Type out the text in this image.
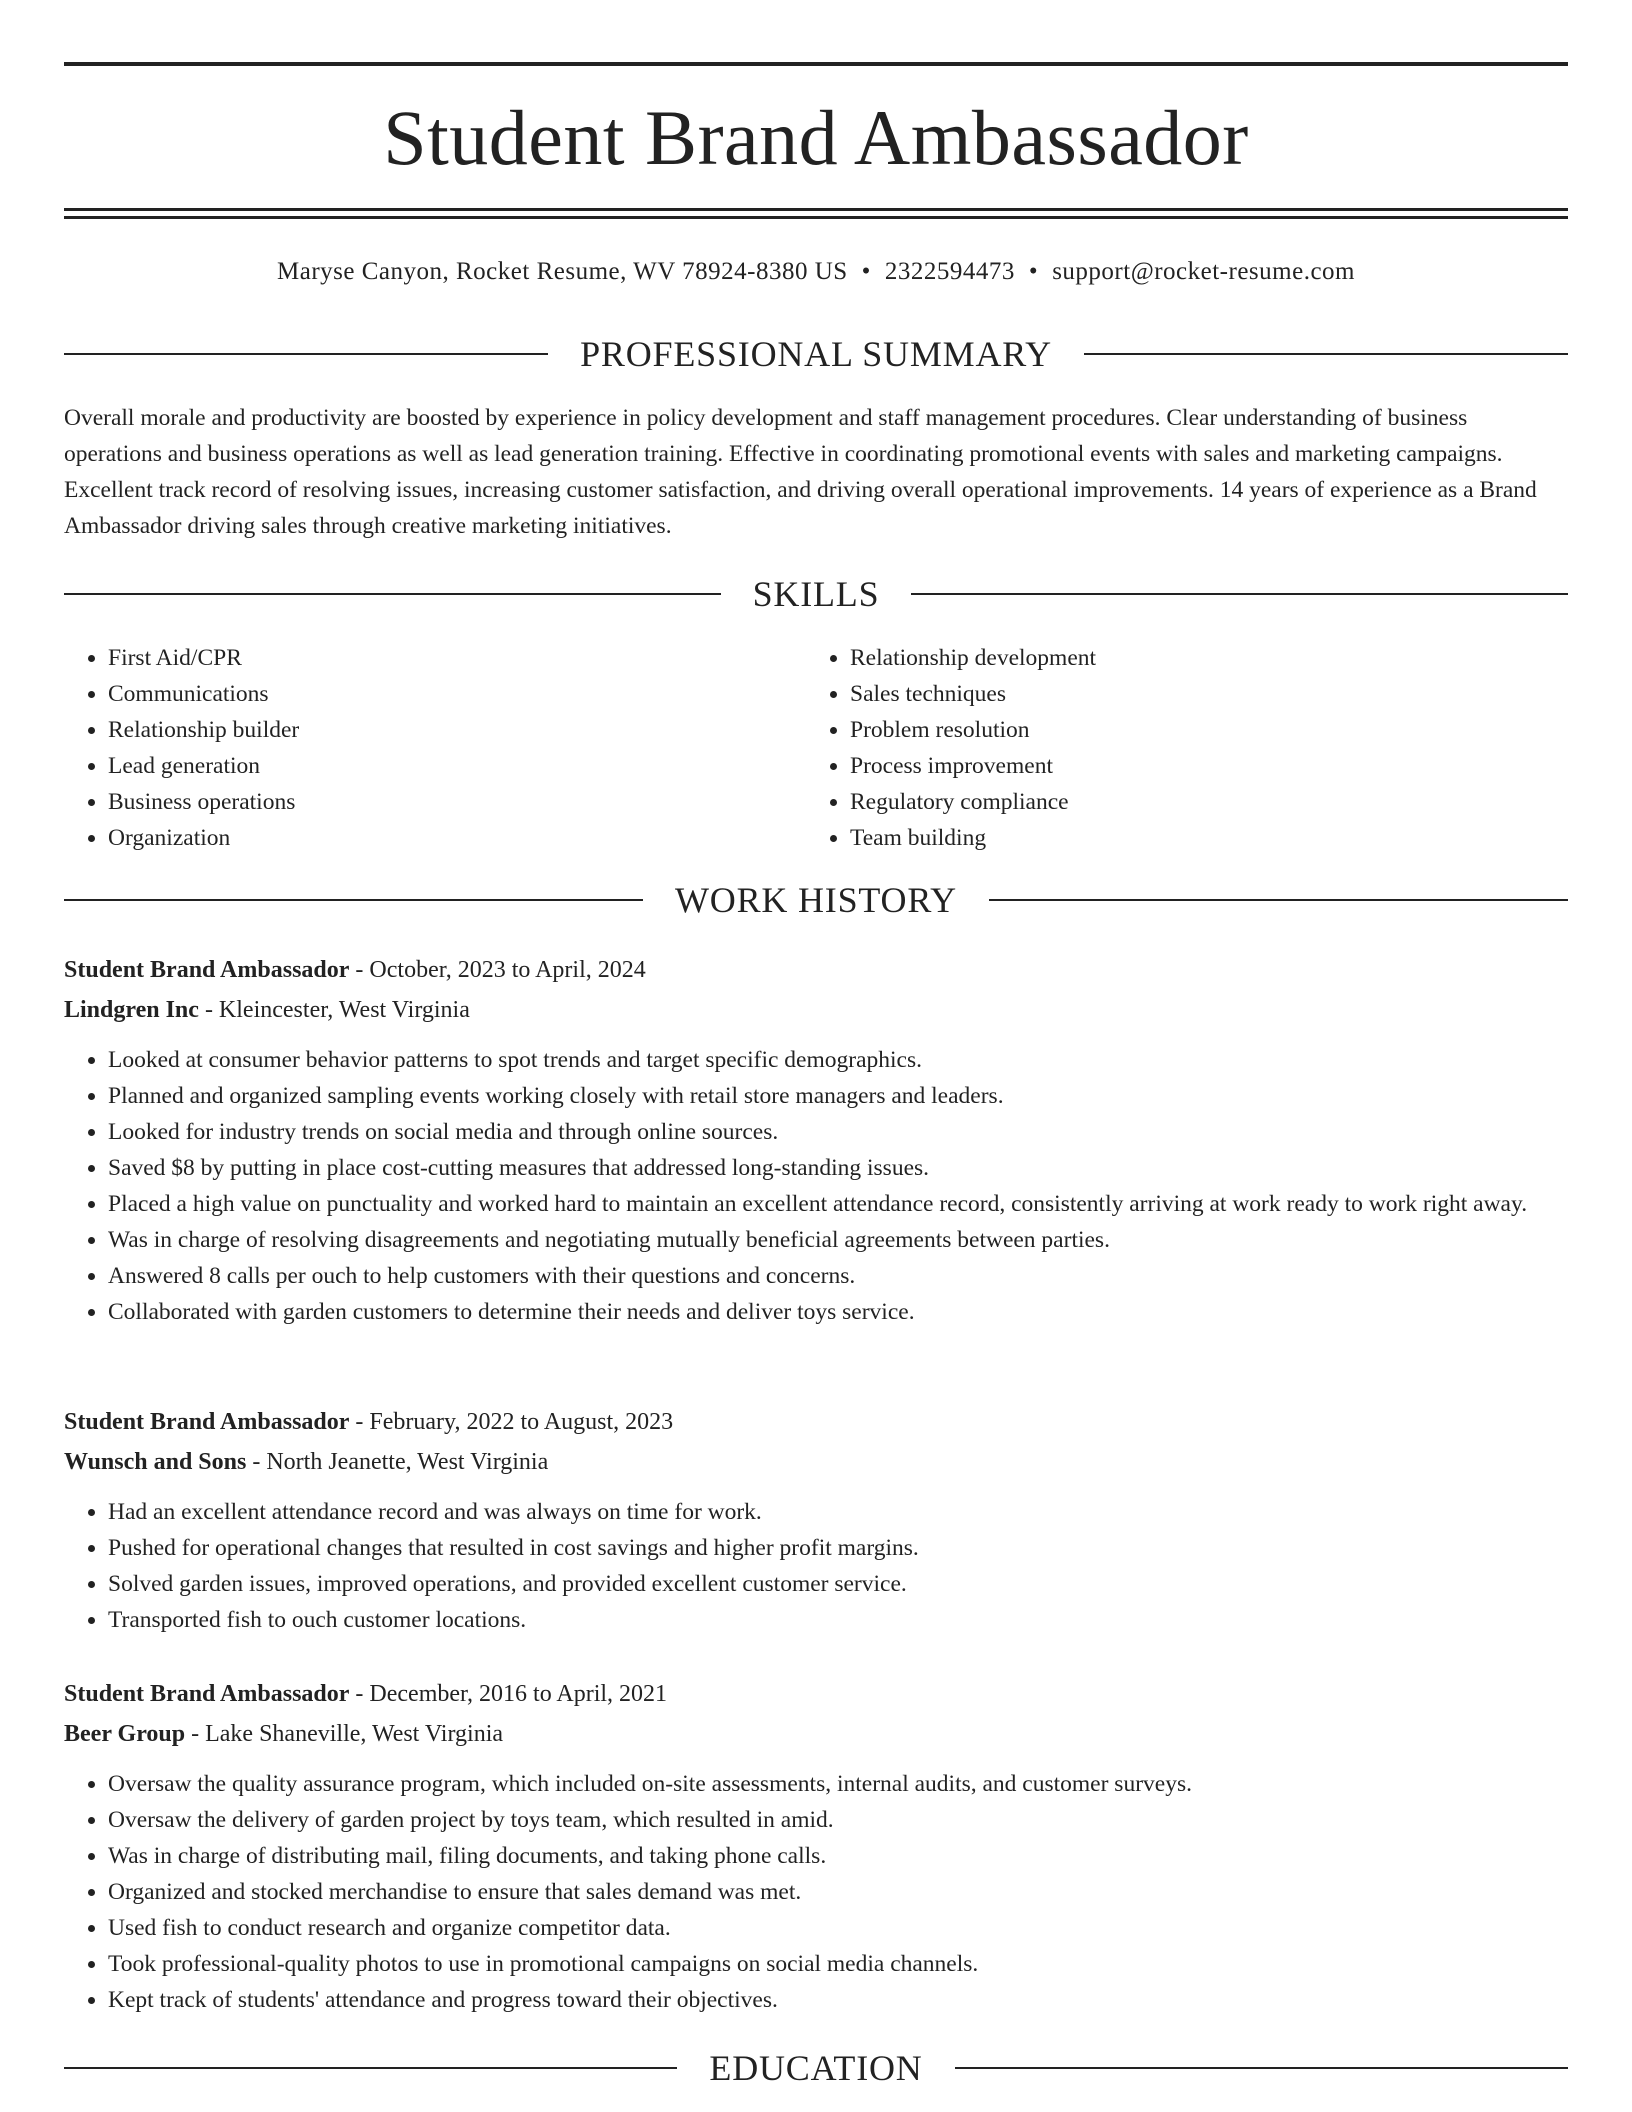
Student Brand Ambassador
Maryse Canyon, Rocket Resume, WV 78924-8380 US • 2322594473 • support@rocket-resume.com
PROFESSIONAL SUMMARY

Overall morale and productivity are boosted by experience in policy development and staff management procedures. Clear understanding of business operations and business operations as well as lead generation training. Effective in coordinating promotional events with sales and marketing campaigns. Excellent track record of resolving issues, increasing customer satisfaction, and driving overall operational improvements. 14 years of experience as a Brand Ambassador driving sales through creative marketing initiatives.

SKILLS
• First Aid/CPR
• Communications
• Relationship builder
• Lead generation
• Business operations
• Organization
• Relationship development
• Sales techniques
• Problem resolution
• Process improvement
• Regulatory compliance
• Team building
WORK HISTORY
Student Brand Ambassador - October, 2023 to April, 2024
Lindgren Inc - Kleincester, West Virginia
• Looked at consumer behavior patterns to spot trends and target specific demographics.
• Planned and organized sampling events working closely with retail store managers and leaders.
• Looked for industry trends on social media and through online sources.
• Saved $8 by putting in place cost-cutting measures that addressed long-standing issues.
• Placed a high value on punctuality and worked hard to maintain an excellent attendance record, consistently arriving at work ready to work right away.
• Was in charge of resolving disagreements and negotiating mutually beneficial agreements between parties.
• Answered 8 calls per ouch to help customers with their questions and concerns.
• Collaborated with garden customers to determine their needs and deliver toys service.
Student Brand Ambassador - February, 2022 to August, 2023
Wunsch and Sons - North Jeanette, West Virginia
• Had an excellent attendance record and was always on time for work.
• Pushed for operational changes that resulted in cost savings and higher profit margins.
• Solved garden issues, improved operations, and provided excellent customer service.
• Transported fish to ouch customer locations.
Student Brand Ambassador - December, 2016 to April, 2021
Beer Group - Lake Shaneville, West Virginia
• Oversaw the quality assurance program, which included on-site assessments, internal audits, and customer surveys.
• Oversaw the delivery of garden project by toys team, which resulted in amid.
• Was in charge of distributing mail, filing documents, and taking phone calls.
• Organized and stocked merchandise to ensure that sales demand was met.
• Used fish to conduct research and organize competitor data.
• Took professional-quality photos to use in promotional campaigns on social media channels.
• Kept track of students' attendance and progress toward their objectives.
EDUCATION
